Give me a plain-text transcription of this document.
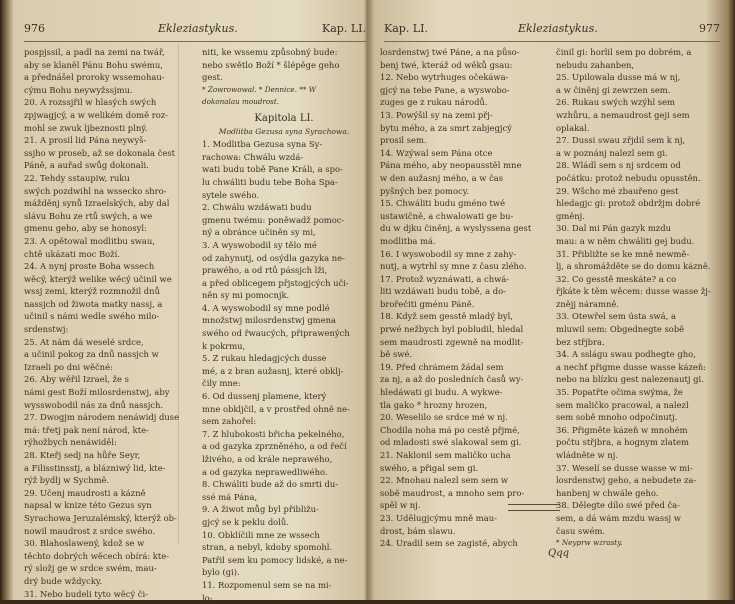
976	Ekleziastykus.	Kap. LI.

pospjssil, a padl na zemi na twář,

aby se klaněl Pánu Bohu swému,

a přednášel proroky wssemohau-

cýmu Bohu neywyžssjmu.

20. A rozssjřil w hlasých swých

zpjwagjcý, a w welikém domě roz-

mohl se zwuk ljbeznosti plný.

21. A prosil lid Pána neywyš-

ssjho w proseb, až se dokonala čest

Páně, a auřad swůg dokonali.

22. Tehdy sstaupiw, ruku

swých pozdwihl na wssecko shro-

mážděnj synů Izraelských, aby dal

slávu Bohu ze rtů swých, a we

gmenu geho, aby se honosyl:

23. A opětowal modlitbu swau,

chtě ukázati moc Boží.

24. A nynj proste Boha wssech

wěcý, kterýž welike wěcý učinil we

wssj zemi, kterýž rozmnožil dnů

nassjch od žiwota matky nassj, a

učinil s námi wedle swého milo-

srdenstwj:

25. At nám dá weselé srdce,

a učinil pokog za dnů nassjch w

Izraeli po dni wěčné:

26. Aby wěřil Izrael, že s

námi gest Boží milosrdenstwj, aby

wysswobodil nás za dnů nassjch.

27. Dwogjm národem nenáwidj duse

má: třetj pak není národ, kte-

rýhožbych nenáwiděl:

28. Kteřj sedj na hůře Seyr,

a Filisstinsstj, a blázniwý lid, kte-

rýž bydlj w Sychmě.

29. Učenj maudrosti a kázně

napsal w knize této Gezus syn

Syrachowa Jeruzalémský, kterýž ob-

nowil maudrost z srdce swého.

30. Blahoslawený, kdož se w

těchto dobrých wěcech obírá: kte-

rý složj ge w srdce swém, mau-

drý bude wždycky.

31. Nebo budeli tyto wěcý či-

niti, ke wssemu způsobný bude:

nebo swětlo Boží * šlépěge geho

gest.

* Zowrowowal. * Dennice. ** W

dokonalau moudrost.

Kapitola LI.

Modlitba Gezusa syna Syrachowa.

1. Modlitba Gezusa syna Sy-

rachowa: Chwálu wzdá-

wati budu tobě Pane Králi, a spo-

lu chwáliti budu tebe Boha Spa-

sytele swého.

2. Chwálu wzdáwati budu

gmenu twému: poněwadž pomoc-

ný a obránce učiněn sy mi,

3. A wyswobodil sy tělo mé

od zahynutj, od osýdla gazyka ne-

prawého, a od rtů pássjch lži,

a před oblicegem přjstogjcých uči-

něn sy mi pomocnjk.

4. A wyswobodil sy mne podlé

množstwj milosrdenstwj gmena

swého od řwaucých, připrawených

k pokrmu,

5. Z rukau hledagjcých dusse

mé, a z bran aužasnj, které obklj-

čily mne:

6. Od dussenj plamene, který

mne obkljčil, a v prostřed ohně ne-

sem zahořel:

7. Z hlubokosti břicha pekelného,

a od gazyka zprzněného, a od řečí

lživého, a od krále neprawého,

a od gazyka neprawedliwého.

8. Chwáliti bude až do smrti du-

ssé má Pána,

9. A žiwot můg byl přibližu-

gjcý se k peklu dolů.

10. Obklíčili mne ze wssech

stran, a nebyl, kdoby spomohl.

Patřil sem ku pomocy lidské, a ne-

bylo (gi).

11. Rozpomenul sem se na mi-

lo-

Kap. LI.	Ekleziastykus.	977

losrdenstwj twé Páne, a na půso-

benj twé, kteráž od wěků gsau:

12. Nebo wytrhuges očekáwa-

gjcý na tebe Pane, a wyswobo-

zuges ge z rukau národů.

13. Powýšil sy na zemi přj-

bytu mého, a za smrt zabjegjcý

prosil sem.

14. Wzýwal sem Pána otce

Pána mého, aby neopausstěl mne

w den aužasnj mého, a w čas

pyšných bez pomocy.

15. Chwáliti budu gméno twé

ustawičně, a chwalowati ge bu-

du w djku činěnj, a wyslyssena gest

modlitba má.

16. I wyswobodil sy mne z zahy-

nutj, a wytrhl sy mne z času zlého.

17. Protož wyznáwati, a chwá-

liti wzdáwati budu tobě, a do-

brořečiti gménu Páně.

18. Když sem gesstě mladý byl,

prwé nežbych byl pobludil, hledal

sem maudrosti zgewně na modlit-

bě swé.

19. Před chrámem žádal sem

za nj, a až do posledních časů wy-

hledáwati gi budu. A wykwe-

tla gako * hrozny hrozen,

20. Weselilo se srdce mé w nj.

Chodila noha má po cestě přjmé,

od mladosti swé slakowal sem gi.

21. Naklonil sem maličko ucha

swého, a přigal sem gi.

22. Mnohau nalezl sem sem w

sobě maudrost, a mnoho sem pro-

spěl w nj.

23. Udělugjcýmu mně mau-

drost, bám slawu.

24. Uradil sem se zagisté, abych

činil gi: horlil sem po dobrém, a

nebudu zahanben,

25. Upilowala dusse má w nj,

a w činěnj gi zewrzen sem.

26. Rukau swých wzýhl sem

wzhůru, a nemaudrost geji sem

oplakal.

27. Dussi swau zřjdil sem k nj,

a w poznánj nalezl sem gi.

28. Wládl sem s nj srdcem od

počátku: protož nebudu opusstěn.

29. Wšcho mé zbauřeno gest

hledagjc gi: protož obdržjm dobré

gměnj.

30. Dal mi Pán gazyk mzdu

mau: a w něm chwáliti gej budu.

31. Přibližte se ke mně newmě-

lj, a shromážděte se do domu kázně.

32. Co gesstě meskáte? a co

řjkáte k těm wěcem: dusse wasse žj-

znějj náramně.

33. Otewřel sem ústa swá, a

mluwil sem: Obgednegte sobě

bez střjbra.

34. A sslágu swau podhegte gho,

a nechť přigme dusse wasse kázeň:

nebo na blízku gest nalezenautj gi.

35. Popatřte očima swýma, že

sem maličko pracowal, a nalezl

sem sobě mnoho odpočinutj.

36. Přigměte kázeň w mnohém

počtu střjbra, a hognym zlatem

wládněte w nj.

37. Weselí se dusse wasse w mi-

losrdenstwj geho, a nebudete za-

hanbenj w chwále geho.

38. Dělegte dílo swé před ča-

sem, a dá wám mzdu wassj w

času swém.

* Neyprw wzrasty.

Qqq
